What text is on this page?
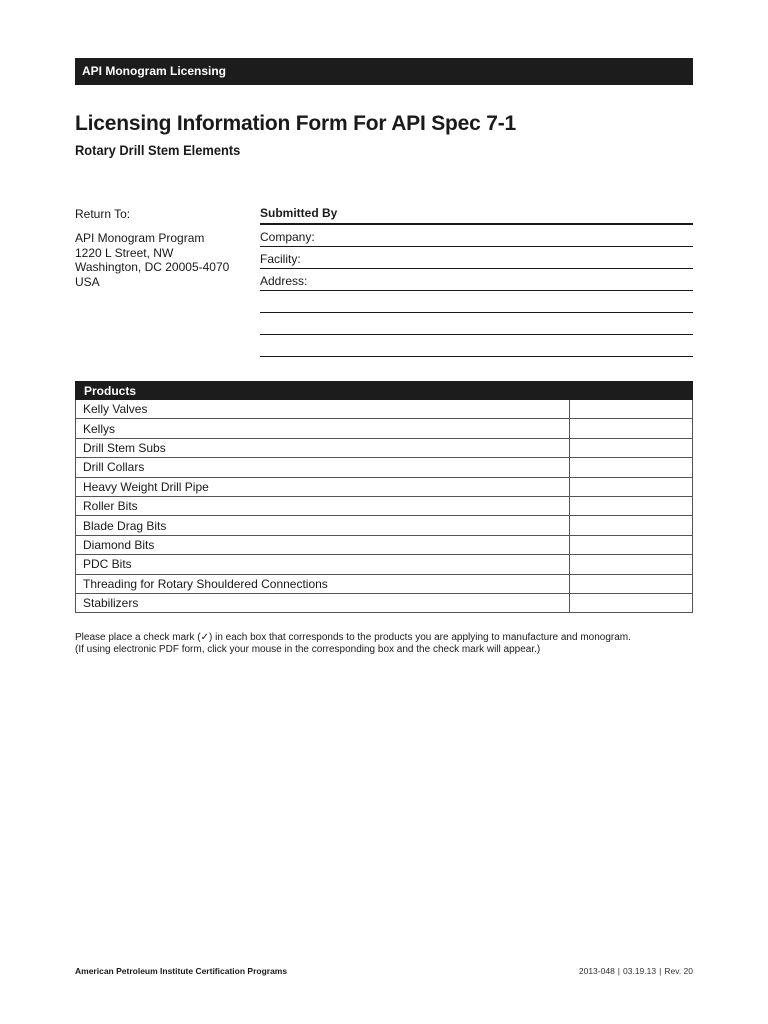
API Monogram Licensing
Licensing Information Form For API Spec 7-1
Rotary Drill Stem Elements
Return To:
API Monogram Program
1220 L Street, NW
Washington, DC 20005-4070
USA
Submitted By
Company:
Facility:
Address:
Products	
Kelly Valves	
Kellys	
Drill Stem Subs	
Drill Collars	
Heavy Weight Drill Pipe	
Roller Bits	
Blade Drag Bits	
Diamond Bits	
PDC Bits	
Threading for Rotary Shouldered Connections	
Stabilizers	
Please place a check mark (✓) in each box that corresponds to the products you are applying to manufacture and monogram.
(If using electronic PDF form, click your mouse in the corresponding box and the check mark will appear.)
American Petroleum Institute Certification Programs	2013-048 | 03.19.13 | Rev. 20
